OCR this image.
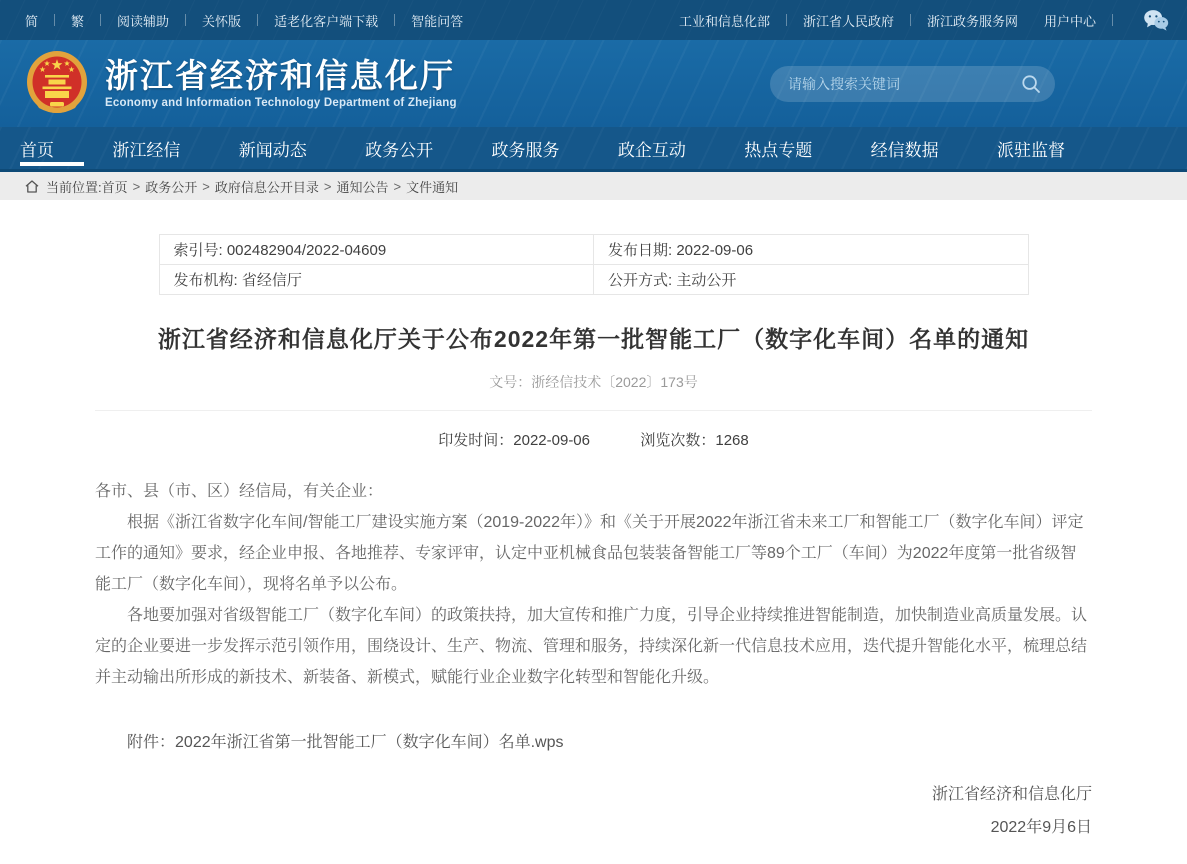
简	繁	阅读辅助	关怀版	适老化客户端下载	智能问答	工业和信息化部	浙江省人民政府	浙江政务服务网 用户中心
浙江省经济和信息化厅
Economy and Information Technology Department of Zhejiang
请输入搜索关键词
首页	浙江经信	新闻动态	政务公开	政务服务	政企互动	热点专题	经信数据	派驻监督
当前位置: 首页 > 政务公开 > 政府信息公开目录 > 通知公告 > 文件通知
索引号: 002482904/2022-04609	发布日期: 2022-09-06
发布机构: 省经信厅	公开方式: 主动公开
浙江省经济和信息化厅关于公布2022年第一批智能工厂（数字化车间）名单的通知
文号：浙经信技术〔2022〕173号
印发时间：2022-09-06	浏览次数：1268

各市、县（市、区）经信局，有关企业：

根据《浙江省数字化车间/智能工厂建设实施方案（2019-2022年）》和《关于开展2022年浙江省未来工厂和智能工厂（数字化车间）评定工作的通知》要求，经企业申报、各地推荐、专家评审，认定中亚机械食品包装装备智能工厂等89个工厂（车间）为2022年度第一批省级智能工厂（数字化车间），现将名单予以公布。

各地要加强对省级智能工厂（数字化车间）的政策扶持，加大宣传和推广力度，引导企业持续推进智能制造，加快制造业高质量发展。认定的企业要进一步发挥示范引领作用，围绕设计、生产、物流、管理和服务，持续深化新一代信息技术应用，迭代提升智能化水平，梳理总结并主动输出所形成的新技术、新装备、新模式，赋能行业企业数字化转型和智能化升级。

附件：2022年浙江省第一批智能工厂（数字化车间）名单.wps
浙江省经济和信息化厅
2022年9月6日
